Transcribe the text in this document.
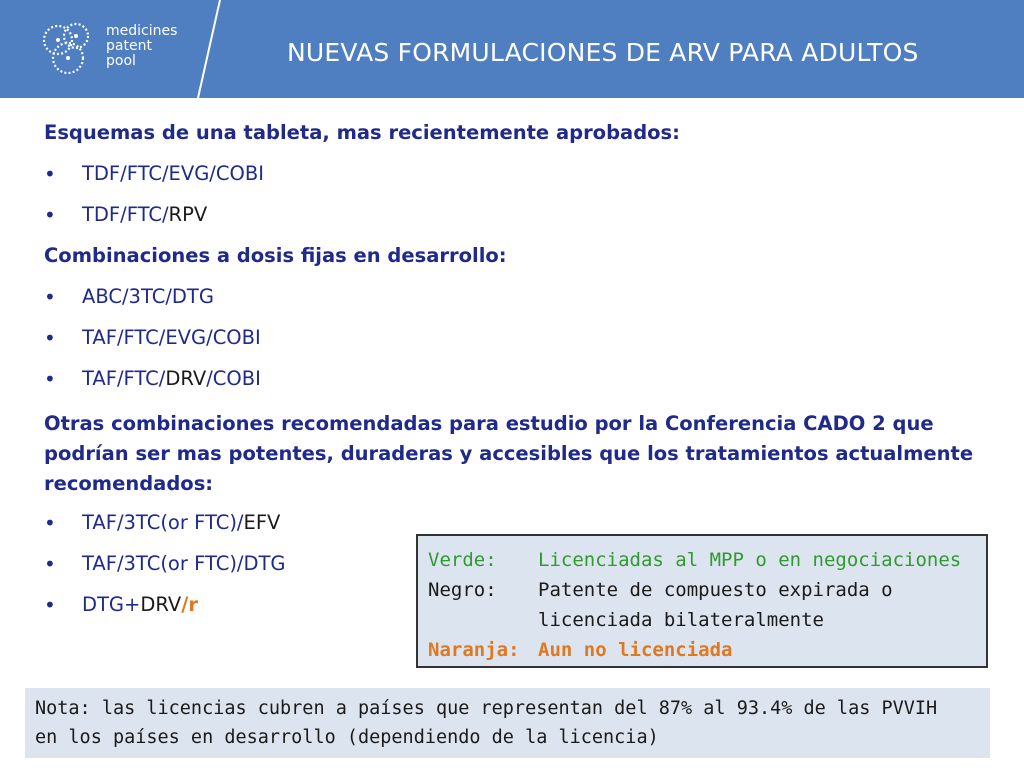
medicines
patent
pool	NUEVAS FORMULACIONES DE ARV PARA ADULTOS
Esquemas de una tableta, mas recientemente aprobados:
• TDF/FTC/EVG/COBI
• TDF/FTC/RPV
Combinaciones a dosis fijas en desarrollo:
• ABC/3TC/DTG
• TAF/FTC/EVG/COBI
• TAF/FTC/DRV/COBI
Otras combinaciones recomendadas para estudio por la Conferencia CADO 2 que podrían ser mas potentes, duraderas y accesibles que los tratamientos actualmente recomendados:
• TAF/3TC(or FTC)/EFV
• TAF/3TC(or FTC)/DTG
• DTG+DRV/r
Verde: Licenciadas al MPP o en negociaciones
Negro: Patente de compuesto expirada o
licenciada bilateralmente
Naranja: Aun no licenciada
Nota: las licencias cubren a países que representan del 87% al 93.4% de las PVVIH
en los países en desarrollo (dependiendo de la licencia)
